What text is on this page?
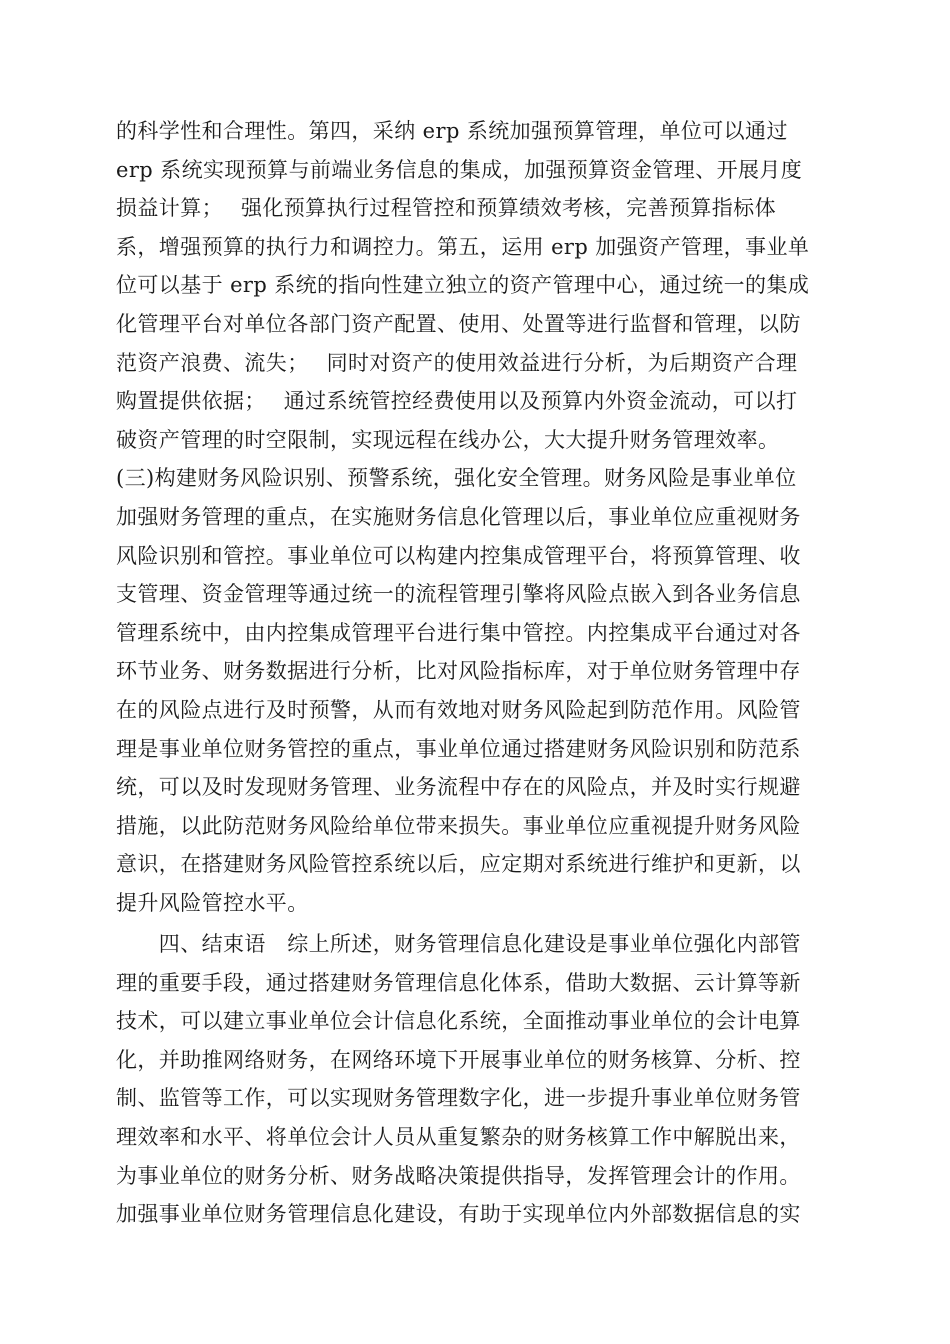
的科学性和合理性。第四，采纳 erp 系统加强预算管理，单位可以通过
erp 系统实现预算与前端业务信息的集成，加强预算资金管理、开展月度
损益计算；　 强化预算执行过程管控和预算绩效考核，完善预算指标体
系，增强预算的执行力和调控力。第五，运用 erp 加强资产管理，事业单
位可以基于 erp 系统的指向性建立独立的资产管理中心，通过统一的集成
化管理平台对单位各部门资产配置、使用、处置等进行监督和管理，以防
范资产浪费、流失；　 同时对资产的使用效益进行分析，为后期资产合理
购置提供依据；　 通过系统管控经费使用以及预算内外资金流动，可以打
破资产管理的时空限制，实现远程在线办公，大大提升财务管理效率。
(三)构建财务风险识别、预警系统，强化安全管理。财务风险是事业单位
加强财务管理的重点，在实施财务信息化管理以后，事业单位应重视财务
风险识别和管控。事业单位可以构建内控集成管理平台，将预算管理、收
支管理、资金管理等通过统一的流程管理引擎将风险点嵌入到各业务信息
管理系统中，由内控集成管理平台进行集中管控。内控集成平台通过对各
环节业务、财务数据进行分析，比对风险指标库，对于单位财务管理中存
在的风险点进行及时预警，从而有效地对财务风险起到防范作用。风险管
理是事业单位财务管控的重点，事业单位通过搭建财务风险识别和防范系
统，可以及时发现财务管理、业务流程中存在的风险点，并及时实行规避
措施，以此防范财务风险给单位带来损失。事业单位应重视提升财务风险
意识，在搭建财务风险管控系统以后，应定期对系统进行维护和更新，以
提升风险管控水平。
　　四、结束语　综上所述，财务管理信息化建设是事业单位强化内部管
理的重要手段，通过搭建财务管理信息化体系，借助大数据、云计算等新
技术，可以建立事业单位会计信息化系统，全面推动事业单位的会计电算
化，并助推网络财务，在网络环境下开展事业单位的财务核算、分析、控
制、监管等工作，可以实现财务管理数字化，进一步提升事业单位财务管
理效率和水平、将单位会计人员从重复繁杂的财务核算工作中解脱出来，
为事业单位的财务分析、财务战略决策提供指导，发挥管理会计的作用。
加强事业单位财务管理信息化建设，有助于实现单位内外部数据信息的实
